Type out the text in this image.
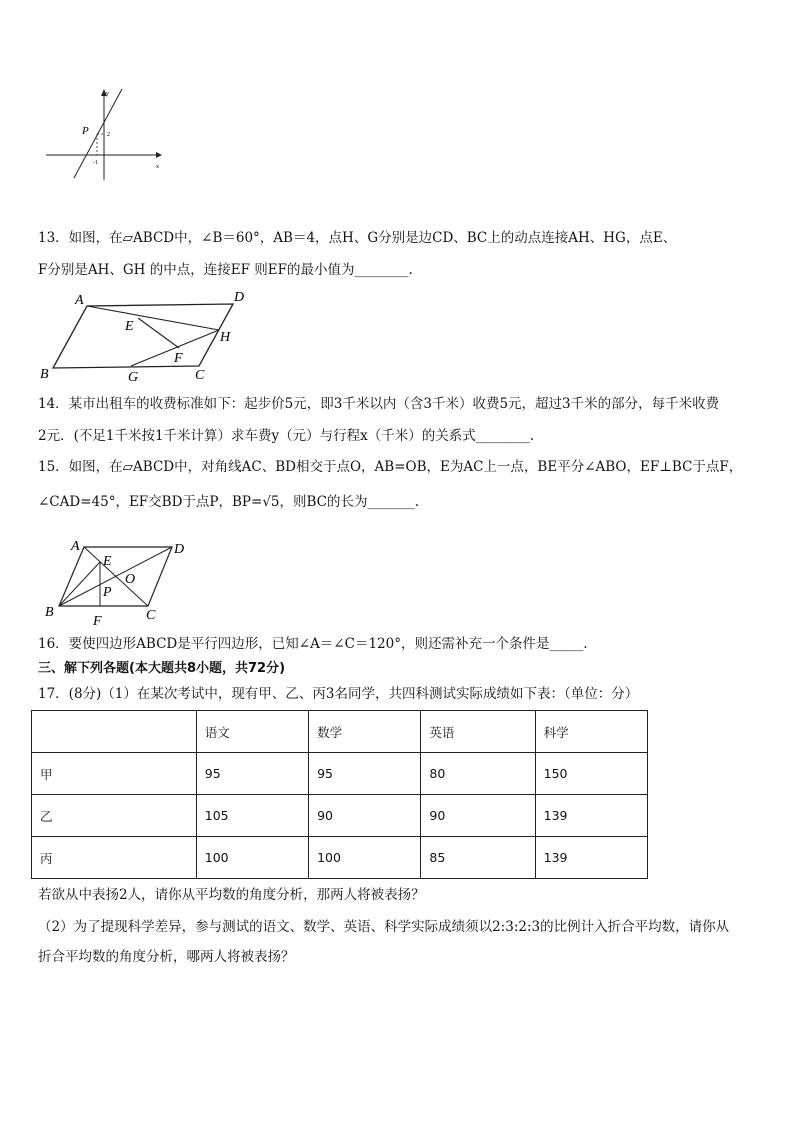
y
x
P	2
-1
13．如图，在▱ABCD中，∠B＝60°，AB＝4，点H、G分别是边CD、BC上的动点连接AH、HG，点E、
F分别是AH、GH 的中点，连接EF 则EF的最小值为________.
A	D
E
H
F
B	G	C
14．某市出租车的收费标准如下：起步价5元，即3千米以内（含3千米）收费5元，超过3千米的部分，每千米收费
2元．(不足1千米按1千米计算）求车费y（元）与行程x（千米）的关系式________.
15．如图，在▱ABCD中，对角线AC、BD相交于点O，AB=OB，E为AC上一点，BE平分∠ABO，EF⊥BC于点F，
∠CAD=45°，EF交BD于点P，BP=√5，则BC的长为_______.
A	D
E
O
P
B	C
F
16．要使四边形ABCD是平行四边形，已知∠A＝∠C＝120°，则还需补充一个条件是_____.
三、解下列各题(本大题共8小题，共72分)
17．(8分)（1）在某次考试中，现有甲、乙、丙3名同学，共四科测试实际成绩如下表：（单位：分）
	语文	数学	英语	科学
甲	95	95	80	150
乙	105	90	90	139
丙	100	100	85	139
若欲从中表扬2人，请你从平均数的角度分析，那两人将被表扬？
（2）为了提现科学差异，参与测试的语文、数学、英语、科学实际成绩须以2:3:2:3的比例计入折合平均数，请你从
折合平均数的角度分析，哪两人将被表扬？
